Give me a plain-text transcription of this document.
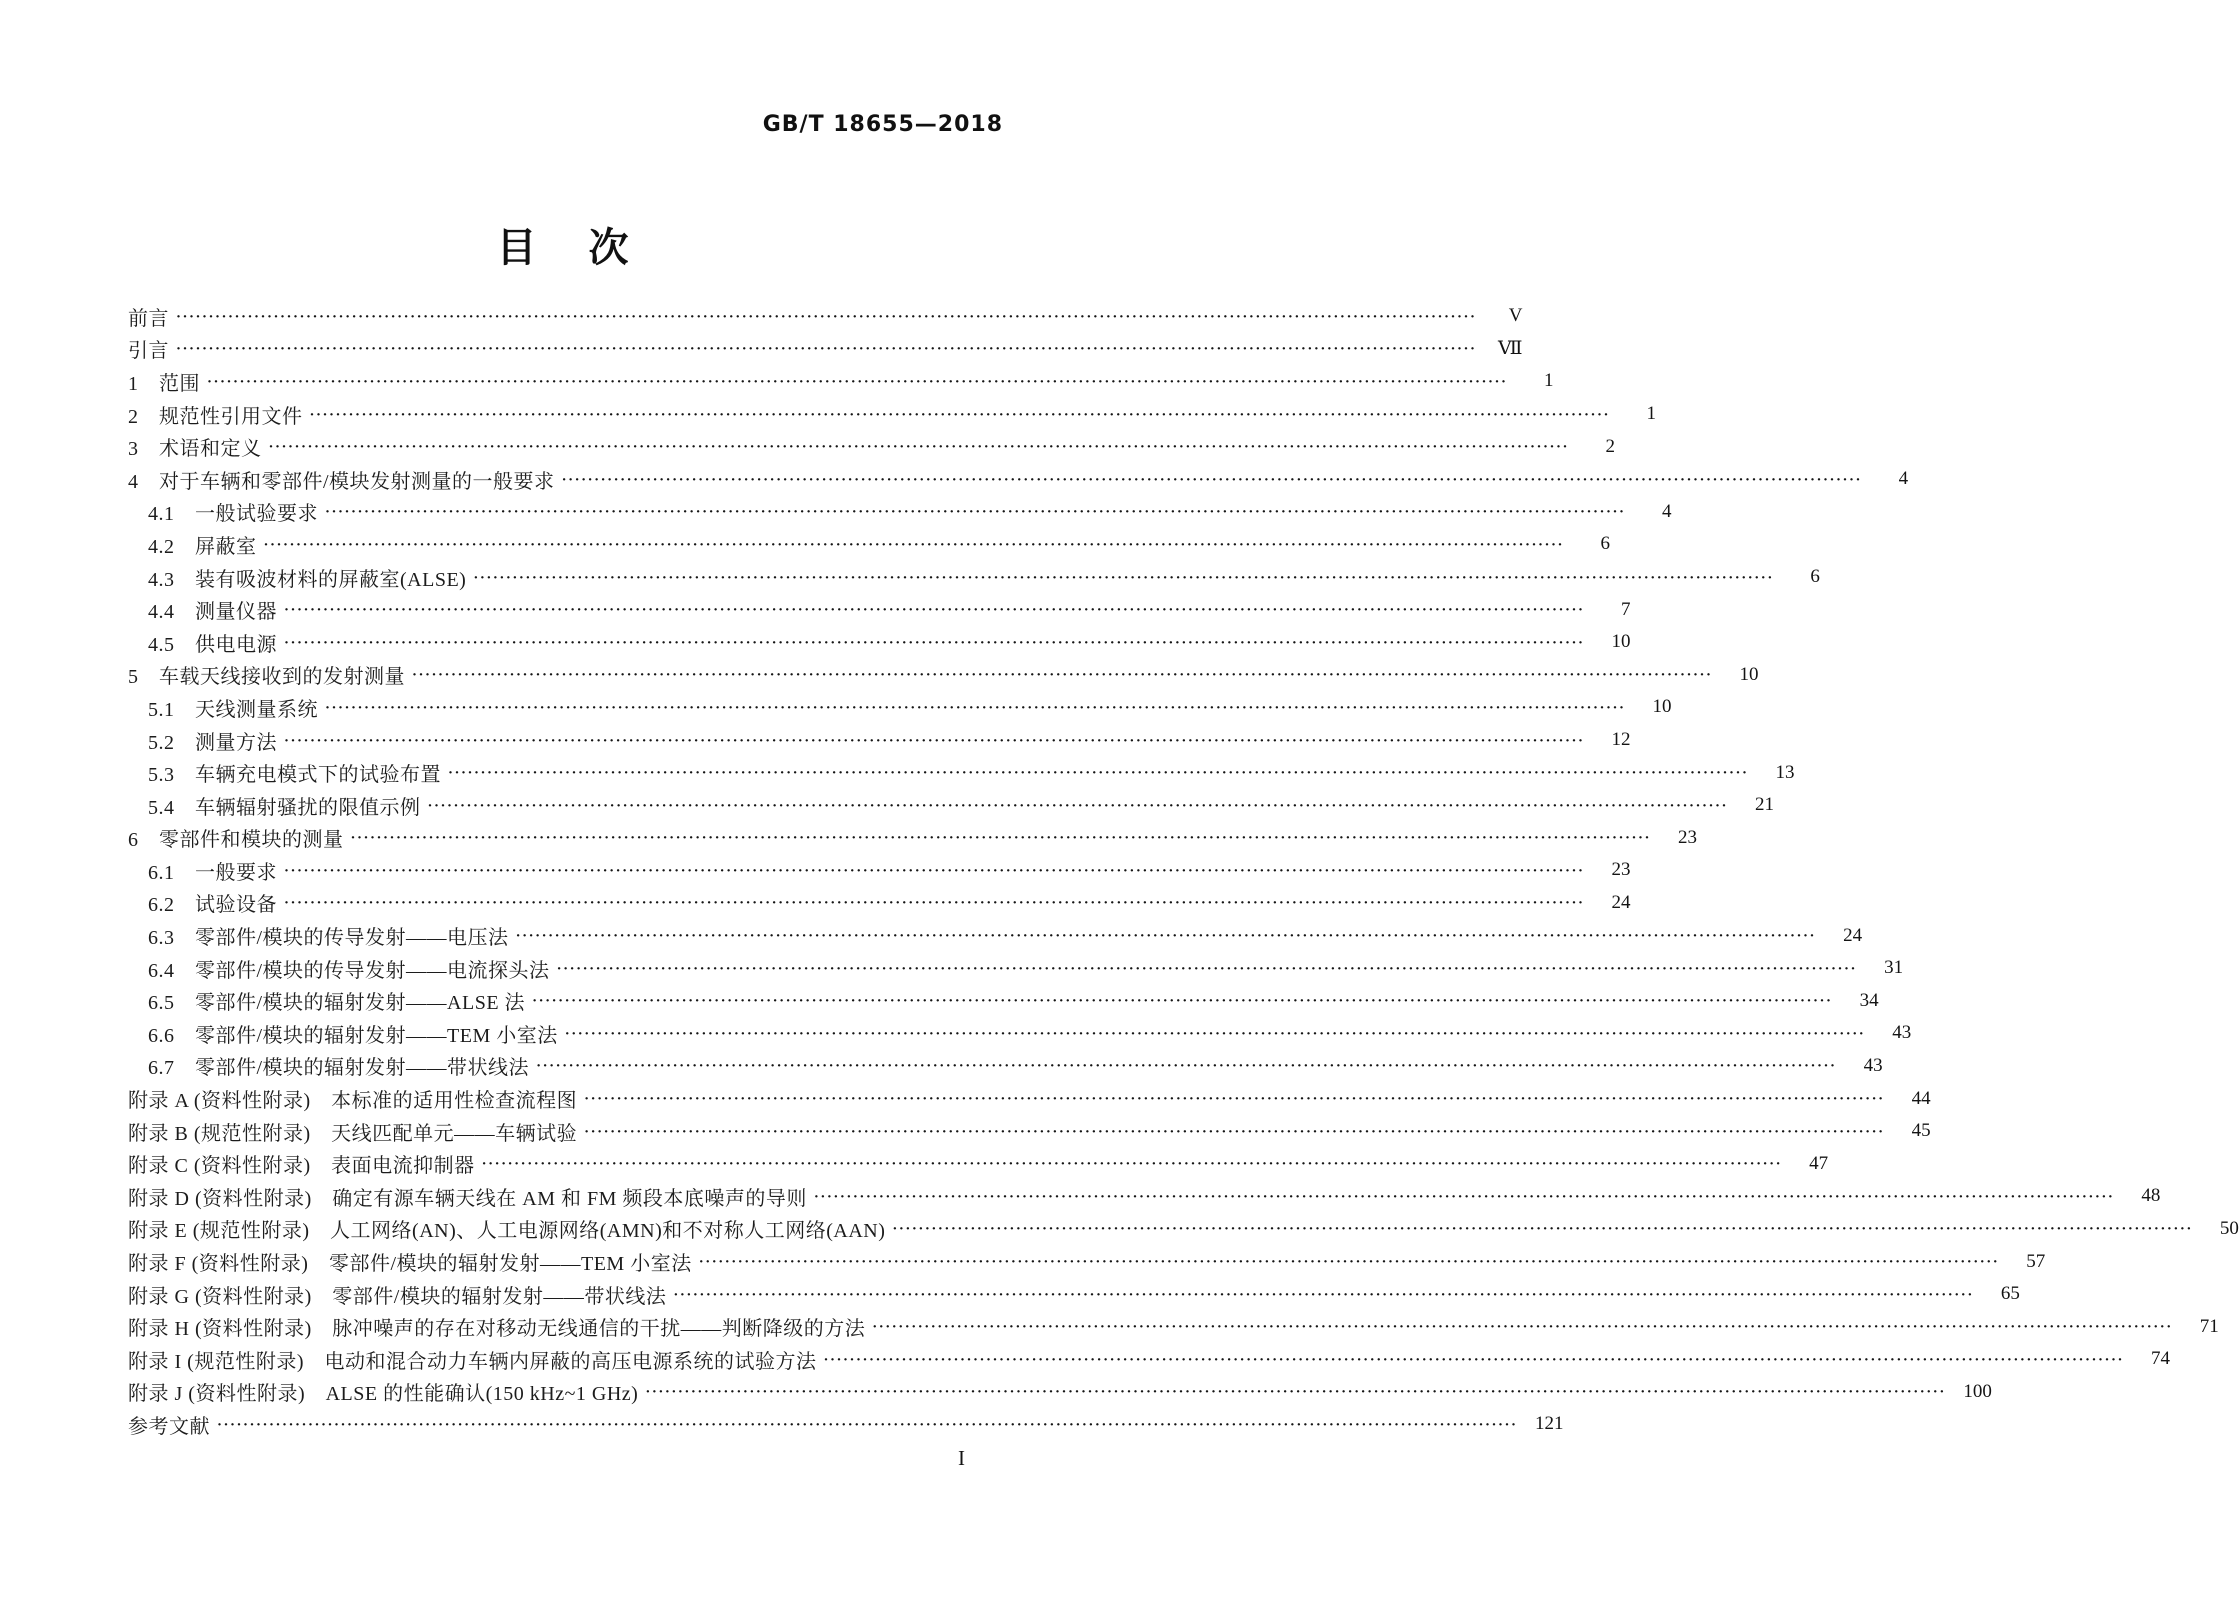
GB/T 18655—2018
目　次
前言 ········································································································································································································	V
引言 ········································································································································································································	Ⅶ
1　范围 ········································································································································································································	1
2　规范性引用文件 ········································································································································································································	1
3　术语和定义 ········································································································································································································	2
4　对于车辆和零部件/模块发射测量的一般要求 ········································································································································································································	4
4.1　一般试验要求 ········································································································································································································	4
4.2　屏蔽室 ········································································································································································································	6
4.3　装有吸波材料的屏蔽室(ALSE) ········································································································································································································	6
4.4　测量仪器 ········································································································································································································	7
4.5　供电电源 ········································································································································································································	10
5　车载天线接收到的发射测量 ········································································································································································································	10
5.1　天线测量系统 ········································································································································································································	10
5.2　测量方法 ········································································································································································································	12
5.3　车辆充电模式下的试验布置 ········································································································································································································	13
5.4　车辆辐射骚扰的限值示例 ········································································································································································································	21
6　零部件和模块的测量 ········································································································································································································	23
6.1　一般要求 ········································································································································································································	23
6.2　试验设备 ········································································································································································································	24
6.3　零部件/模块的传导发射——电压法 ········································································································································································································	24
6.4　零部件/模块的传导发射——电流探头法 ········································································································································································································	31
6.5　零部件/模块的辐射发射——ALSE 法 ········································································································································································································	34
6.6　零部件/模块的辐射发射——TEM 小室法 ········································································································································································································	43
6.7　零部件/模块的辐射发射——带状线法 ········································································································································································································	43
附录 A (资料性附录)　本标准的适用性检查流程图 ········································································································································································································	44
附录 B (规范性附录)　天线匹配单元——车辆试验 ········································································································································································································	45
附录 C (资料性附录)　表面电流抑制器 ········································································································································································································	47
附录 D (资料性附录)　确定有源车辆天线在 AM 和 FM 频段本底噪声的导则 ········································································································································································································	48
附录 E (规范性附录)　人工网络(AN)、人工电源网络(AMN)和不对称人工网络(AAN) ········································································································································································································	50
附录 F (资料性附录)　零部件/模块的辐射发射——TEM 小室法 ········································································································································································································	57
附录 G (资料性附录)　零部件/模块的辐射发射——带状线法 ········································································································································································································	65
附录 H (资料性附录)　脉冲噪声的存在对移动无线通信的干扰——判断降级的方法 ········································································································································································································	71
附录 I (规范性附录)　电动和混合动力车辆内屏蔽的高压电源系统的试验方法 ········································································································································································································	74
附录 J (资料性附录)　ALSE 的性能确认(150 kHz~1 GHz) ········································································································································································································ 100
参考文献 ········································································································································································································ 121
I
